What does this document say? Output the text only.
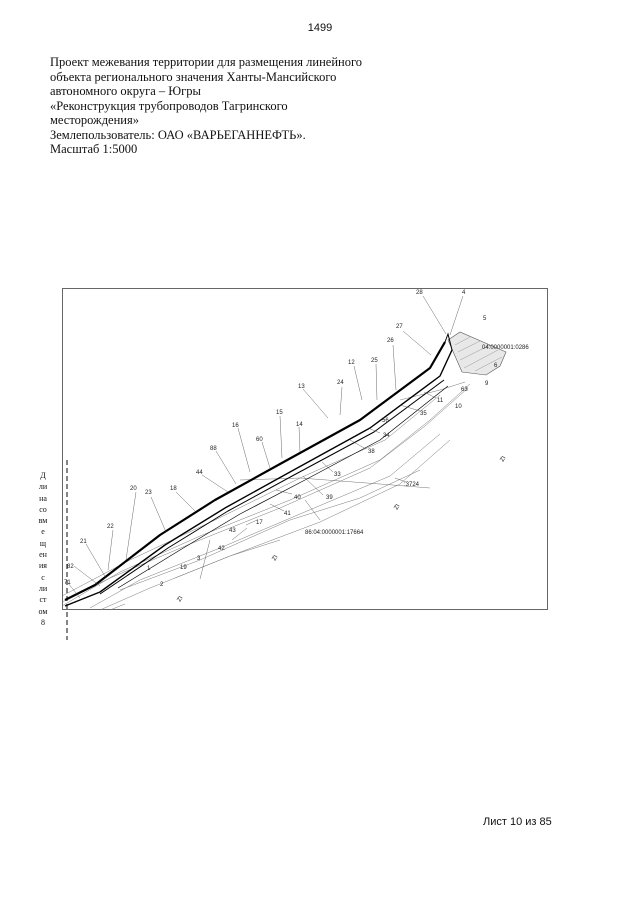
1499
Проект межевания территории для размещения линейного
объекта регионального значения Ханты-Мансийского
автономного округа – Югры
«Реконструкция трубопроводов Тагринского
месторождения»
Землепользователь: ОАО «ВАРЬЕГАННЕФТЬ».
Масштаб 1:5000
28	4
5
27
26
25
12
24
13
15
14
16
60
88
44
18
23
20
22
21
82
71	2
19
3
1
42
43
17
41
40	39
33
38
34
56
35
11
10
63
9
6
04:0000001:0286
86:04:0000001:17664
:3724
ZI
ZI
ZI
ZI
Д
ли
на
со
вм
е
щ
ен
ия
с
ли
ст
ом
8
Лист 10 из 85
